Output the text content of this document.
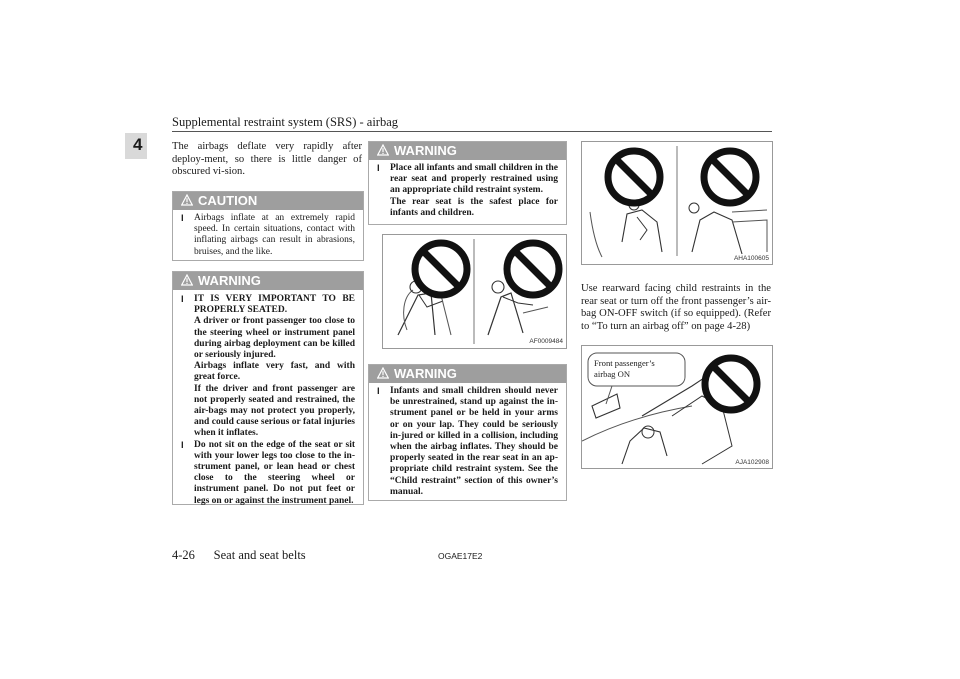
Supplemental restraint system (SRS) - airbag
4	The airbags deflate very rapidly after deploy-ment, so there is little danger of obscured vi-sion.
CAUTION
l Airbags inflate at an extremely rapid speed. In certain situations, contact with inflating airbags can result in abrasions, bruises, and the like.
WARNING
l IT IS VERY IMPORTANT TO BE PROPERLY SEATED.
A driver or front passenger too close to the steering wheel or instrument panel during airbag deployment can be killed or seriously injured.
Airbags inflate very fast, and with great force.
If the driver and front passenger are not properly seated and restrained, the air-bags may not protect you properly, and could cause serious or fatal injuries when it inflates.
l Do not sit on the edge of the seat or sit with your lower legs too close to the in-strument panel, or lean head or chest close to the steering wheel or instrument panel. Do not put feet or legs on or against the instrument panel.
WARNING
l Place all infants and small children in the rear seat and properly restrained using an appropriate child restraint system.
The rear seat is the safest place for infants and children.
AF0009484
WARNING
l Infants and small children should never be unrestrained, stand up against the in-strument panel or be held in your arms or on your lap. They could be seriously in-jured or killed in a collision, including when the airbag inflates. They should be properly seated in the rear seat in an ap-propriate child restraint system. See the “Child restraint” section of this owner’s manual.
AHA100605
Use rearward facing child restraints in the rear seat or turn off the front passenger’s air-bag ON-OFF switch (if so equipped). (Refer to “To turn an airbag off” on page 4-28)
Front passenger’s
airbag ON
AJA102908
4-26 Seat and seat belts	OGAE17E2
